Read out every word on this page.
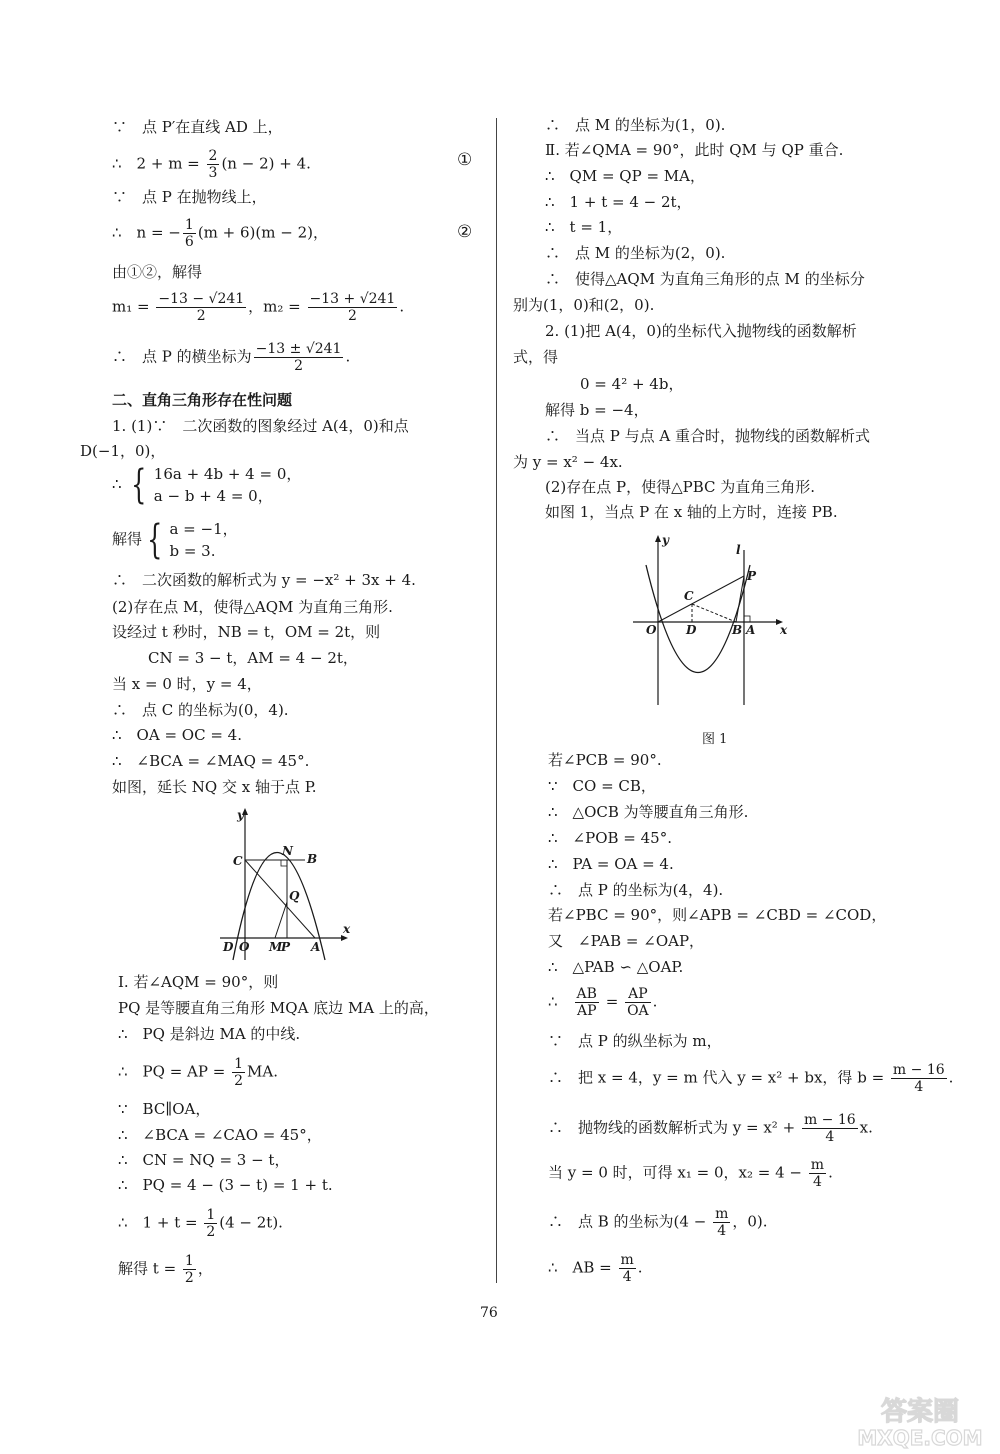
∵　点 P′在直线 AD 上，
∴　$2 + m = \frac{2}{3} (n - 2) + 4$.	①
∵　点 P 在抛物线上，
∴　n = − $\frac{1}{6} (m + 6)(m - 2)$，	②
由①②，解得
$m_1 = \frac{-13 - √241}{2}$ ，$m_2 = \frac{-13 + √241}{2}$ .
∴　点 P 的横坐标为 $\frac{-13 \pm √241}{2}$ .
二、直角三角形存在性问题
1. (1)∵　二次函数的图象经过 A(4，0)和点
D(−1，0)，
∴ { 16a + 4b + 4 = 0，
a − b + 4 = 0，
解得 { a = −1，
b = 3.
∴　二次函数的解析式为 y = −x² + 3x + 4.
(2)存在点 M，使得△AQM 为直角三角形.
设经过 t 秒时，NB = t，OM = 2t，则
CN = 3 − t，AM = 4 − 2t，
当 x = 0 时，y = 4，
∴　点 C 的坐标为(0，4).
∴　OA = OC = 4.
∴　∠BCA = ∠MAQ = 45°.
如图，延长 NQ 交 x 轴于点 P.
y
x
C
N
B
Q
D O M
P A
Ⅰ. 若∠AQM = 90°，则
PQ 是等腰直角三角形 MQA 底边 MA 上的高，
∴　PQ 是斜边 MA 的中线.
∴　PQ = AP = $\frac{1}{2}$ MA.
∵　BC∥OA，
∴　∠BCA = ∠CAO = 45°，
∴　CN = NQ = 3 − t，
∴　PQ = 4 − (3 − t) = 1 + t.
∴　$1 + t = \frac{1}{2} (4 - 2t)$.
解得 $t = \frac{1}{2}$ ，
∴　点 M 的坐标为(1，0).
Ⅱ. 若∠QMA = 90°，此时 QM 与 QP 重合.
∴　QM = QP = MA，
∴　1 + t = 4 − 2t，
∴　t = 1，
∴　点 M 的坐标为(2，0).
∴　使得△AQM 为直角三角形的点 M 的坐标分
别为(1，0)和(2，0).
2. (1)把 A(4，0)的坐标代入抛物线的函数解析
式，得
0 = 4² + 4b，
解得 b = −4，
∴　当点 P 与点 A 重合时，抛物线的函数解析式
为 y = x² − 4x.
(2)存在点 P，使得△PBC 为直角三角形.
如图 1，当点 P 在 x 轴的上方时，连接 PB.
y
x
l
P
C
O D	B A
图 1
若∠PCB = 90°.
∵　CO = CB，
∴　△OCB 为等腰直角三角形.
∴　∠POB = 45°.
∴　PA = OA = 4.
∴　点 P 的坐标为(4，4).
若∠PBC = 90°，则∠APB = ∠CBD = ∠COD，
又　∠PAB = ∠OAP，
∴　△PAB ∽ △OAP.
∴　 $\frac{AB}{AP} = \frac{AP}{OA}$ .
∵　点 P 的纵坐标为 m，
∴　把 x = 4，y = m 代入 y = x² + bx，得 $b = \frac{m - 16}{4}$ .
∴　抛物线的函数解析式为 $y = x^2 + \frac{m - 16}{4} x$.
当 y = 0 时，可得 x₁ = 0，$x_2 = 4 - \frac{m}{4}$ .
∴　点 B 的坐标为($4 - \frac{m}{4}$ ，0).
∴　AB = $\frac{m}{4}$ .
76
答案圈
MXQE.COM
